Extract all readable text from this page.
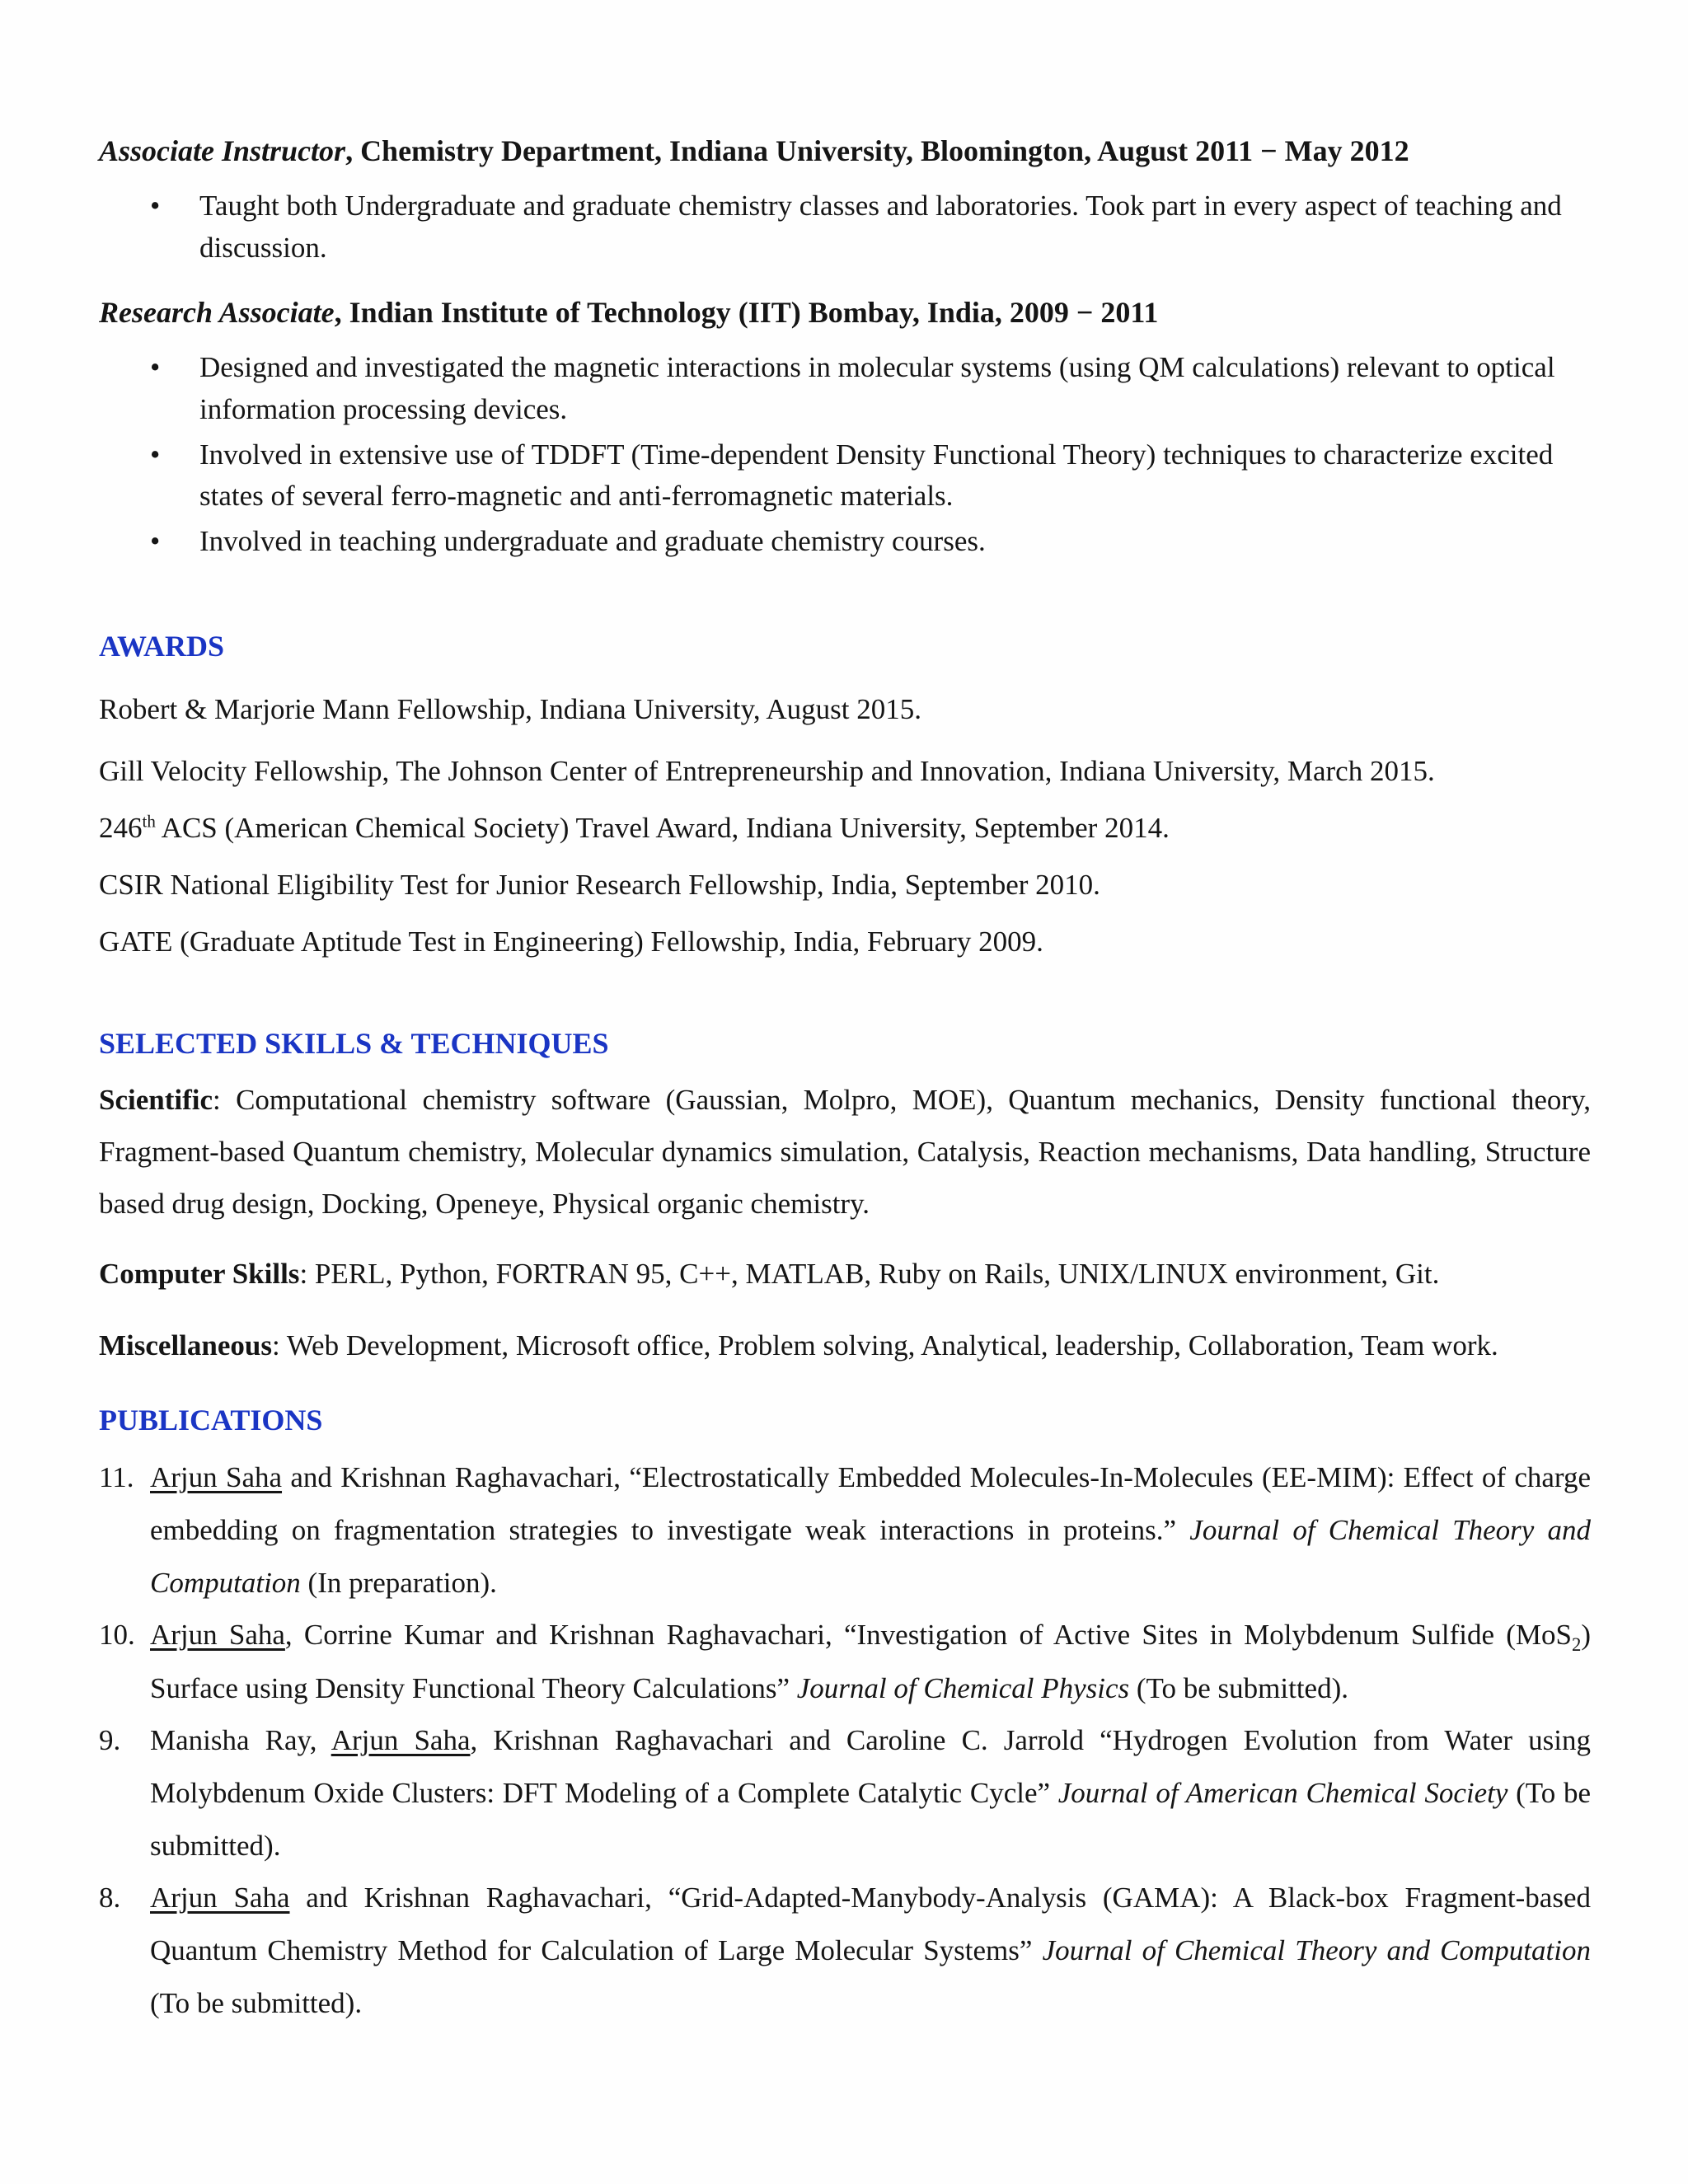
Associate Instructor, Chemistry Department, Indiana University, Bloomington, August 2011 − May 2012

• Taught both Undergraduate and graduate chemistry classes and laboratories. Took part in every aspect of teaching and discussion.

Research Associate, Indian Institute of Technology (IIT) Bombay, India, 2009 − 2011

• Designed and investigated the magnetic interactions in molecular systems (using QM calculations) relevant to optical information processing devices.
• Involved in extensive use of TDDFT (Time-dependent Density Functional Theory) techniques to characterize excited states of several ferro-magnetic and anti-ferromagnetic materials.
• Involved in teaching undergraduate and graduate chemistry courses.
AWARDS

Robert & Marjorie Mann Fellowship, Indiana University, August 2015.

Gill Velocity Fellowship, The Johnson Center of Entrepreneurship and Innovation, Indiana University, March 2015.

246th ACS (American Chemical Society) Travel Award, Indiana University, September 2014.

CSIR National Eligibility Test for Junior Research Fellowship, India, September 2010.

GATE (Graduate Aptitude Test in Engineering) Fellowship, India, February 2009.

SELECTED SKILLS & TECHNIQUES

Scientific: Computational chemistry software (Gaussian, Molpro, MOE), Quantum mechanics, Density functional theory, Fragment-based Quantum chemistry, Molecular dynamics simulation, Catalysis, Reaction mechanisms, Data handling, Structure based drug design, Docking, Openeye, Physical organic chemistry.

Computer Skills: PERL, Python, FORTRAN 95, C++, MATLAB, Ruby on Rails, UNIX/LINUX environment, Git.

Miscellaneous: Web Development, Microsoft office, Problem solving, Analytical, leadership, Collaboration, Team work.

PUBLICATIONS
11. Arjun Saha and Krishnan Raghavachari, “Electrostatically Embedded Molecules-In-Molecules (EE-MIM): Effect of charge embedding on fragmentation strategies to investigate weak interactions in proteins.” Journal of Chemical Theory and Computation (In preparation).
10. Arjun Saha, Corrine Kumar and Krishnan Raghavachari, “Investigation of Active Sites in Molybdenum Sulfide (MoS$_2$) Surface using Density Functional Theory Calculations” Journal of Chemical Physics (To be submitted).
9. Manisha Ray, Arjun Saha, Krishnan Raghavachari and Caroline C. Jarrold “Hydrogen Evolution from Water using Molybdenum Oxide Clusters: DFT Modeling of a Complete Catalytic Cycle” Journal of American Chemical Society (To be submitted).
8. Arjun Saha and Krishnan Raghavachari, “Grid-Adapted-Manybody-Analysis (GAMA): A Black-box Fragment-based Quantum Chemistry Method for Calculation of Large Molecular Systems” Journal of Chemical Theory and Computation (To be submitted).
